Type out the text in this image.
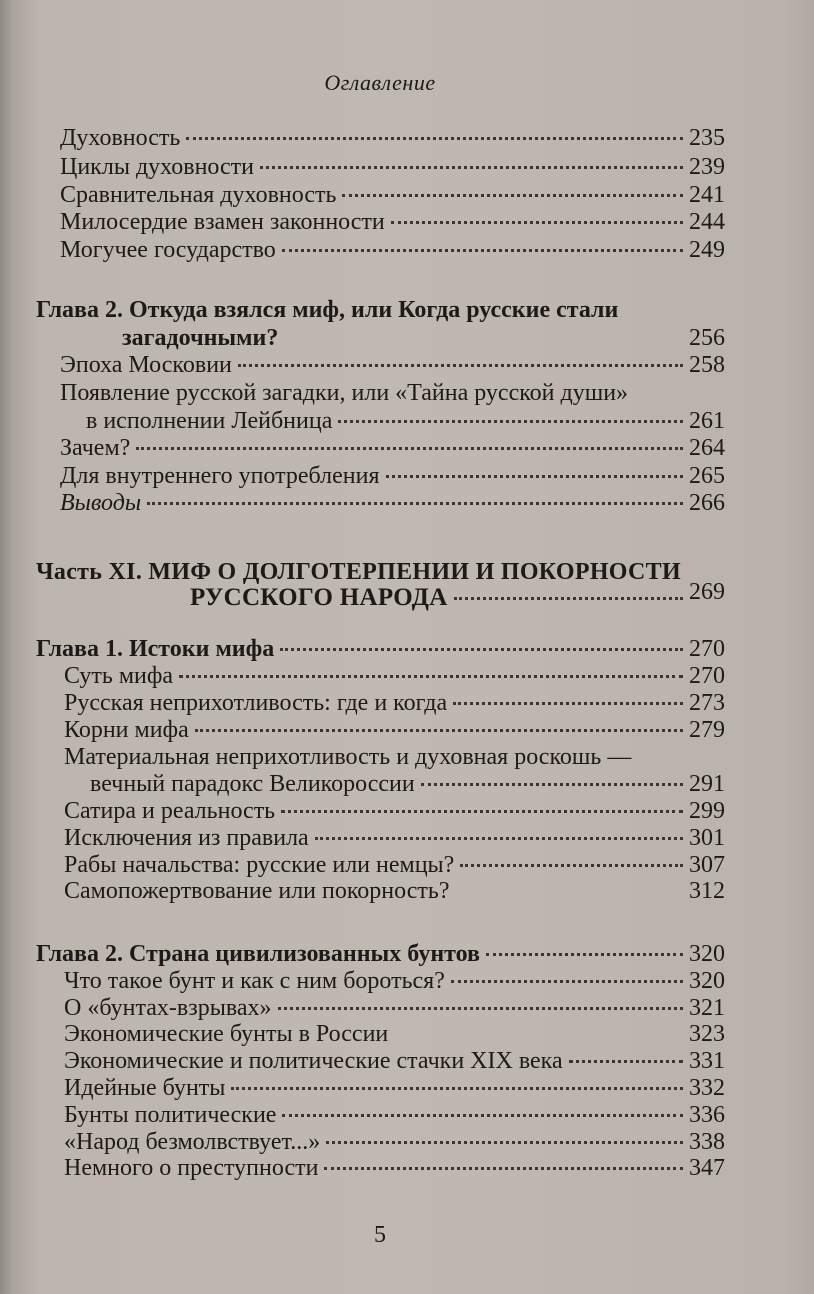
Оглавление
Духовность	235
Циклы духовности	239
Сравнительная духовность	241
Милосердие взамен законности	244
Могучее государство	249
Глава 2. Откуда взялся миф, или Когда русские стали
загадочными?	256
Эпоха Московии	258
Появление русской загадки, или «Тайна русской души»
в исполнении Лейбница	261
Зачем?	264
Для внутреннего употребления	265
Выводы	266
Часть XI. МИФ О ДОЛГОТЕРПЕНИИ И ПОКОРНОСТИ
РУССКОГО НАРОДА	269
Глава 1. Истоки мифа	270
Суть мифа	270
Русская неприхотливость: где и когда	273
Корни мифа	279
Материальная неприхотливость и духовная роскошь —
вечный парадокс Великороссии	291
Сатира и реальность	299
Исключения из правила	301
Рабы начальства: русские или немцы?	307
Самопожертвование или покорность?	312
Глава 2. Страна цивилизованных бунтов	320
Что такое бунт и как с ним бороться?	320
О «бунтах-взрывах»	321
Экономические бунты в России	323
Экономические и политические стачки XIX века	331
Идейные бунты	332
Бунты политические	336
«Народ безмолвствует...»	338
Немного о преступности	347
5
